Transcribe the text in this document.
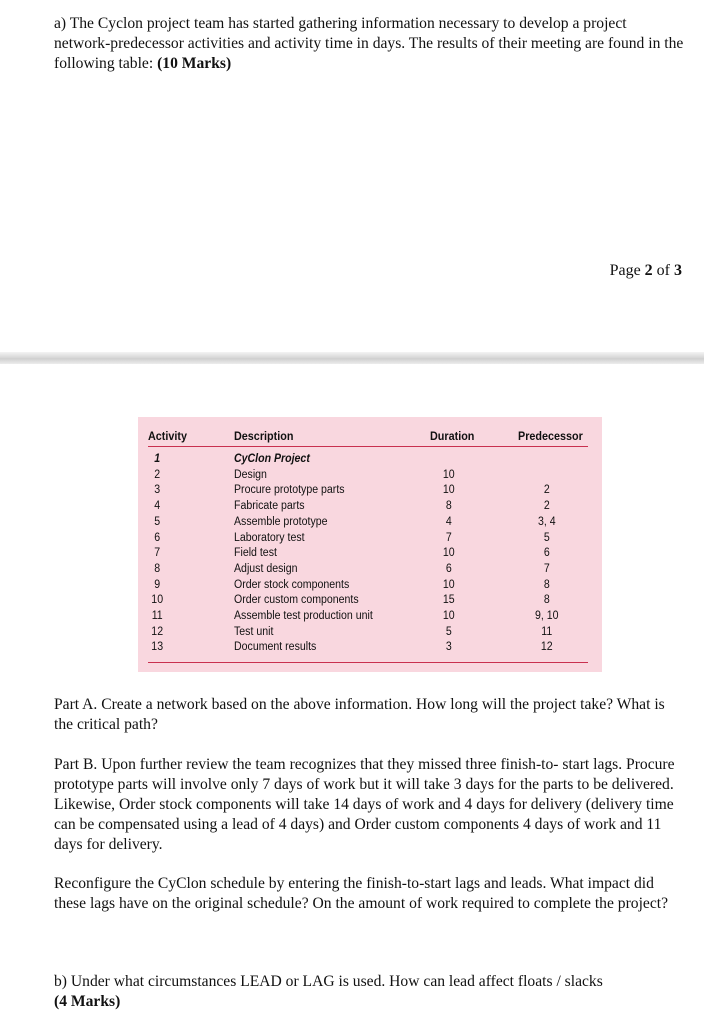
a) The Cyclon project team has started gathering information necessary to develop a project network-predecessor activities and activity time in days. The results of their meeting are found in the following table: (10 Marks)
Page 2 of 3
Activity	Description	Duration	Predecessor
1	CyClon Project
2	Design	10
3	Procure prototype parts	10	2
4	Fabricate parts	8	2
5	Assemble prototype	4	3, 4
6	Laboratory test	7	5
7	Field test	10	6
8	Adjust design	6	7
9	Order stock components	10	8
10	Order custom components	15	8
11	Assemble test production unit	10	9, 10
12	Test unit	5	11
13	Document results	3	12
Part A. Create a network based on the above information. How long will the project take? What is the critical path?
Part B. Upon further review the team recognizes that they missed three finish-to- start lags. Procure prototype parts will involve only 7 days of work but it will take 3 days for the parts to be delivered. Likewise, Order stock components will take 14 days of work and 4 days for delivery (delivery time can be compensated using a lead of 4 days) and Order custom components 4 days of work and 11 days for delivery.
Reconfigure the CyClon schedule by entering the finish-to-start lags and leads. What impact did these lags have on the original schedule? On the amount of work required to complete the project?
b) Under what circumstances LEAD or LAG is used. How can lead affect floats / slacks
(4 Marks)
